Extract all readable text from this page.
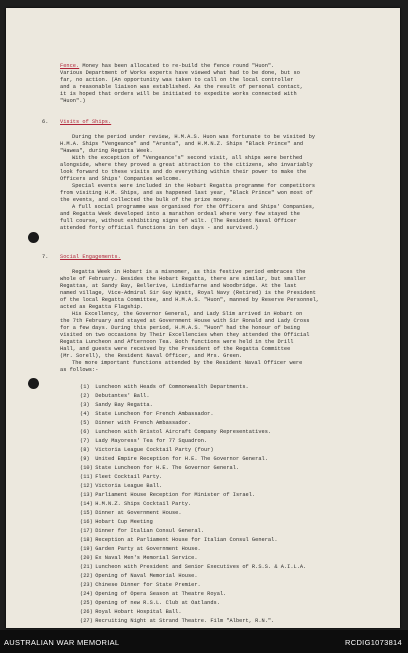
Fence. Money has been allocated to re-build the fence round "Huon".
Various Department of Works experts have viewed what had to be done, but so
far, no action. (An opportunity was taken to call on the local controller
and a reasonable liaison was established. As the result of personal contact,
it is hoped that orders will be initiated to expedite works connected with
"Huon".)
6. Visits of Ships.
During the period under review, H.M.A.S. Huon was fortunate to be visited by
H.M.A. Ships "Vengeance" and "Arunta", and H.M.N.Z. Ships "Black Prince" and
"Hawea", during Regatta Week.
With the exception of "Vengeance's" second visit, all ships were berthed
alongside, where they proved a great attraction to the citizens, who invariably
look forward to these visits and do everything within their power to make the
Officers and Ships' Companies welcome.
Special events were included in the Hobart Regatta programme for competitors
from visiting H.M. Ships, and as happened last year, "Black Prince" won most of
the events, and collected the bulk of the prize money.
A full social programme was organised for the Officers and Ships' Companies,
and Regatta Week developed into a marathon ordeal where very few stayed the
full course, without exhibiting signs of wilt. (The Resident Naval Officer
attended forty official functions in ten days - and survived.)
7. Social Engagements.
Regatta Week in Hobart is a misnomer, as this festive period embraces the
whole of February. Besides the Hobart Regatta, there are similar, but smaller
Regattas, at Sandy Bay, Bellerive, Lindisfarne and Woodbridge. At the last
named village, Vice-Admiral Sir Guy Wyatt, Royal Navy (Retired) is the President
of the local Regatta Committee, and H.M.A.S. "Huon", manned by Reserve Personnel,
acted as Regatta Flagship.
His Excellency, the Governor General, and Lady Slim arrived in Hobart on
the 7th February and stayed at Government House with Sir Ronald and Lady Cross
for a few days. During this period, H.M.A.S. "Huon" had the honour of being
visited on two occasions by Their Excellencies when they attended the Official
Regatta Luncheon and Afternoon Tea. Both functions were held in the Drill
Hall, and guests were received by the President of the Regatta Committee
(Mr. Sorell), the Resident Naval Officer, and Mrs. Green.
The more important functions attended by the Resident Naval Officer were
as follows:-
(1) Luncheon with Heads of Commonwealth Departments.
(2) Debutantes' Ball.
(3) Sandy Bay Regatta.
(4) State Luncheon for French Ambassador.
(5) Dinner with French Ambassador.
(6) Luncheon with Bristol Aircraft Company Representatives.
(7) Lady Mayoress' Tea for 77 Squadron.
(8) Victoria League Cocktail Party (four)
(9) United Empire Reception for H.E. The Governor General.
(10) State Luncheon for H.E. The Governor General.
(11) Fleet Cocktail Party.
(12) Victoria League Ball.
(13) Parliament House Reception for Minister of Israel.
(14) H.M.N.Z. Ships Cocktail Party.
(15) Dinner at Government House.
(16) Hobart Cup Meeting
(17) Dinner for Italian Consul General.
(18) Reception at Parliament House for Italian Consul General.
(19) Garden Party at Government House.
(20) Ex Naval Men's Memorial Service.
(21) Luncheon with President and Senior Executives of R.S.S. & A.I.L.A.
(22) Opening of Naval Memorial House.
(23) Chinese Dinner for State Premier.
(24) Opening of Opera Season at Theatre Royal.
(25) Opening of new R.S.L. Club at Oatlands.
(26) Royal Hobart Hospital Ball.
(27) Recruiting Night at Strand Theatre. Film "Albert, R.N.".
AUSTRALIAN WAR MEMORIAL	RCDIG1073814
